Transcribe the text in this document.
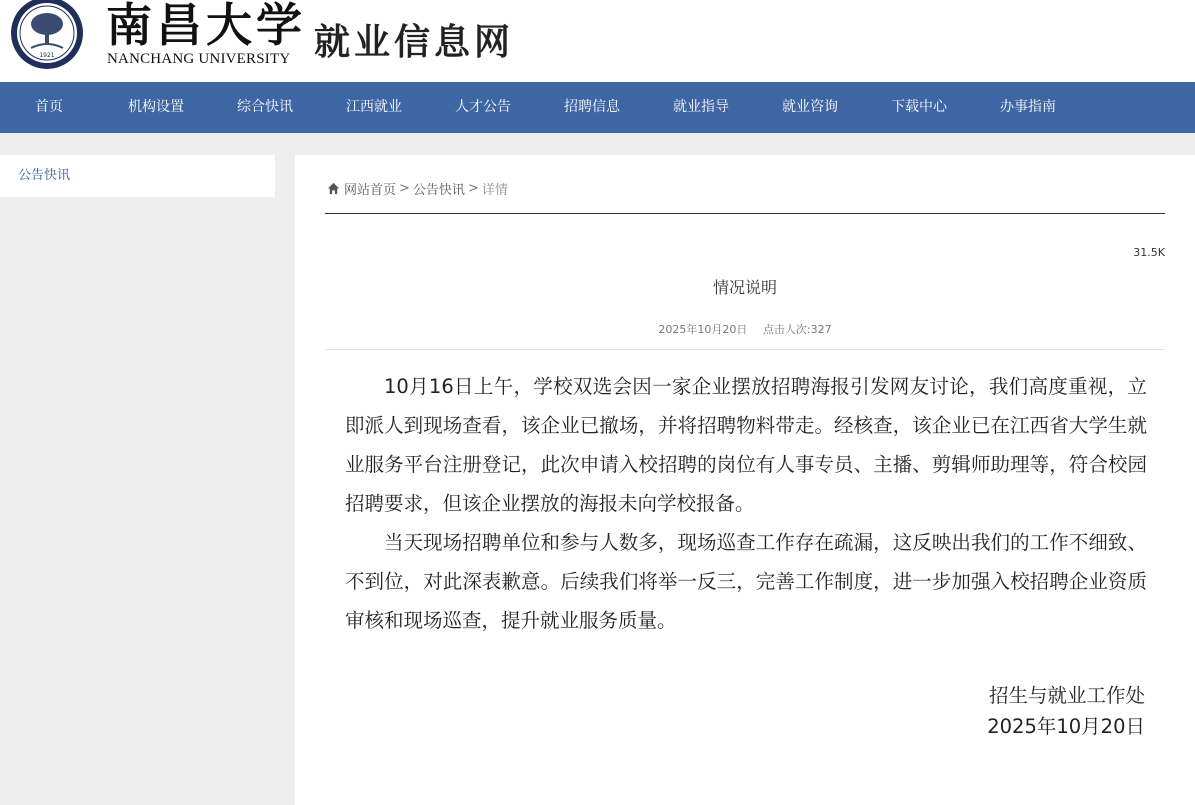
1921
南昌大学
NANCHANG UNIVERSITY 就业信息网
首页	机构设置	综合快讯	江西就业	人才公告	招聘信息	就业指导	就业咨询	下载中心	办事指南
公告快讯
网站首页 > 公告快讯 > 详情
31.5K
情况说明
2025年10月20日 点击人次:327

10月16日上午，学校双选会因一家企业摆放招聘海报引发网友讨论，我们高度重视，立即派人到现场查看，该企业已撤场，并将招聘物料带走。经核查，该企业已在江西省大学生就业服务平台注册登记，此次申请入校招聘的岗位有人事专员、主播、剪辑师助理等，符合校园招聘要求，但该企业摆放的海报未向学校报备。

当天现场招聘单位和参与人数多，现场巡查工作存在疏漏，这反映出我们的工作不细致、不到位，对此深表歉意。后续我们将举一反三，完善工作制度，进一步加强入校招聘企业资质审核和现场巡查，提升就业服务质量。

招生与就业工作处
2025年10月20日
